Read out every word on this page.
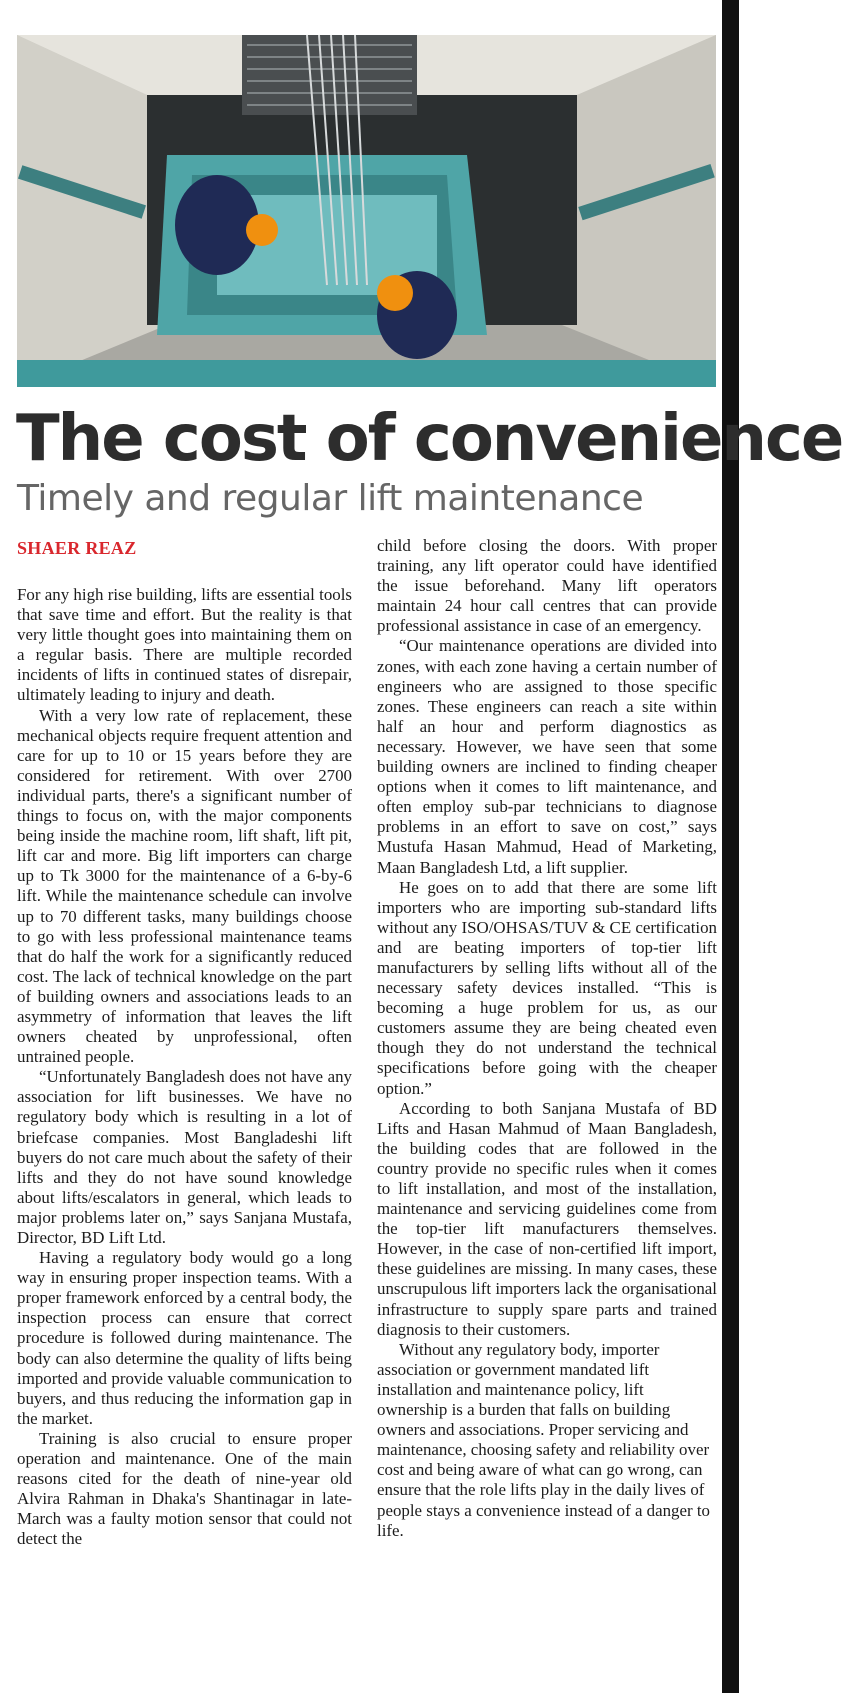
The cost of convenience
Timely and regular lift maintenance
SHAER REAZ

For any high rise building, lifts are essential tools that save time and effort. But the reality is that very little thought goes into maintaining them on a regular basis. There are multiple recorded incidents of lifts in continued states of disrepair, ultimately leading to injury and death.

With a very low rate of replacement, these mechanical objects require frequent attention and care for up to 10 or 15 years before they are considered for retirement. With over 2700 individual parts, there's a significant number of things to focus on, with the major components being inside the machine room, lift shaft, lift pit, lift car and more. Big lift importers can charge up to Tk 3000 for the maintenance of a 6-by-6 lift. While the maintenance schedule can involve up to 70 different tasks, many buildings choose to go with less professional maintenance teams that do half the work for a significantly reduced cost. The lack of technical knowledge on the part of building owners and associations leads to an asymmetry of information that leaves the lift owners cheated by unprofessional, often untrained people.

“Unfortunately Bangladesh does not have any association for lift businesses. We have no regulatory body which is resulting in a lot of briefcase companies. Most Bangladeshi lift buyers do not care much about the safety of their lifts and they do not have sound knowledge about lifts/escalators in general, which leads to major problems later on,” says Sanjana Mustafa, Director, BD Lift Ltd.

Having a regulatory body would go a long way in ensuring proper inspection teams. With a proper framework enforced by a central body, the inspection process can ensure that correct procedure is followed during maintenance. The body can also determine the quality of lifts being imported and provide valuable communication to buyers, and thus reducing the information gap in the market.

Training is also crucial to ensure proper operation and maintenance. One of the main reasons cited for the death of nine-year old Alvira Rahman in Dhaka's Shantinagar in late-March was a faulty motion sensor that could not detect the

child before closing the doors. With proper training, any lift operator could have identified the issue beforehand. Many lift operators maintain 24 hour call centres that can provide professional assistance in case of an emergency.

“Our maintenance operations are divided into zones, with each zone having a certain number of engineers who are assigned to those specific zones. These engineers can reach a site within half an hour and perform diagnostics as necessary. However, we have seen that some building owners are inclined to finding cheaper options when it comes to lift maintenance, and often employ sub-par technicians to diagnose problems in an effort to save on cost,” says Mustufa Hasan Mahmud, Head of Marketing, Maan Bangladesh Ltd, a lift supplier.

He goes on to add that there are some lift importers who are importing sub-standard lifts without any ISO/OHSAS/TUV & CE certification and are beating importers of top-tier lift manufacturers by selling lifts without all of the necessary safety devices installed. “This is becoming a huge problem for us, as our customers assume they are being cheated even though they do not understand the technical specifications before going with the cheaper option.”

According to both Sanjana Mustafa of BD Lifts and Hasan Mahmud of Maan Bangladesh, the building codes that are followed in the country provide no specific rules when it comes to lift installation, and most of the installation, maintenance and servicing guidelines come from the top-tier lift manufacturers themselves. However, in the case of non-certified lift import, these guidelines are missing. In many cases, these unscrupulous lift importers lack the organisational infrastructure to supply spare parts and trained diagnosis to their customers.

Without any regulatory body, importer association or government mandated lift installation and maintenance policy, lift ownership is a burden that falls on building owners and associations. Proper servicing and maintenance, choosing safety and reliability over cost and being aware of what can go wrong, can ensure that the role lifts play in the daily lives of people stays a convenience instead of a danger to life.
